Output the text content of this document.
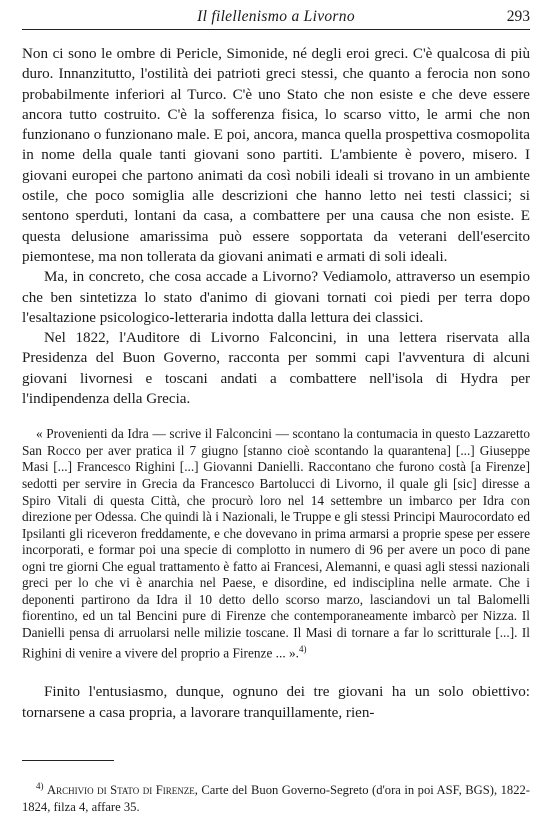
Il filellenismo a Livorno	293

Non ci sono le ombre di Pericle, Simonide, né degli eroi greci. C'è qualcosa di più duro. Innanzitutto, l'ostilità dei patrioti greci stessi, che quanto a ferocia non sono probabilmente inferiori al Turco. C'è uno Stato che non esiste e che deve essere ancora tutto costruito. C'è la sofferenza fisica, lo scarso vitto, le armi che non funzionano o funzionano male. E poi, ancora, manca quella prospettiva cosmopolita in nome della quale tanti giovani sono partiti. L'ambiente è povero, misero. I giovani europei che partono animati da così nobili ideali si trovano in un ambiente ostile, che poco somiglia alle descrizioni che hanno letto nei testi classici; si sentono sperduti, lontani da casa, a combattere per una causa che non esiste. E questa delusione amarissima può essere sopportata da veterani dell'esercito piemontese, ma non tollerata da giovani animati e armati di soli ideali.

Ma, in concreto, che cosa accade a Livorno? Vediamolo, attraverso un esempio che ben sintetizza lo stato d'animo di giovani tornati coi piedi per terra dopo l'esaltazione psicologico-letteraria indotta dalla lettura dei classici.

Nel 1822, l'Auditore di Livorno Falconcini, in una lettera riservata alla Presidenza del Buon Governo, racconta per sommi capi l'avventura di alcuni giovani livornesi e toscani andati a combattere nell'isola di Hydra per l'indipendenza della Grecia.

« Provenienti da Idra — scrive il Falconcini — scontano la contumacia in questo Lazzaretto San Rocco per aver pratica il 7 giugno [stanno cioè scontando la quarantena] [...] Giuseppe Masi [...] Francesco Righini [...] Giovanni Danielli. Raccontano che furono costà [a Firenze] sedotti per servire in Grecia da Francesco Bartolucci di Livorno, il quale gli [sic] diresse a Spiro Vitali di questa Città, che procurò loro nel 14 settembre un imbarco per Idra con direzione per Odessa. Che quindi là i Nazionali, le Truppe e gli stessi Principi Maurocordato ed Ipsilanti gli riceveron freddamente, e che dovevano in prima armarsi a proprie spese per essere incorporati, e formar poi una specie di complotto in numero di 96 per avere un poco di pane ogni tre giorni Che egual trattamento è fatto ai Francesi, Alemanni, e quasi agli stessi nazionali greci per lo che vi è anarchia nel Paese, e disordine, ed indisciplina nelle armate. Che i deponenti partirono da Idra il 10 detto dello scorso marzo, lasciandovi un tal Balomelli fiorentino, ed un tal Bencini pure di Firenze che contemporaneamente imbarcò per Nizza. Il Danielli pensa di arruolarsi nelle milizie toscane. Il Masi di tornare a far lo scritturale [...]. Il Righini di venire a vivere del proprio a Firenze ... ».$^{4)}$

Finito l'entusiasmo, dunque, ognuno dei tre giovani ha un solo obiettivo: tornarsene a casa propria, a lavorare tranquillamente, rien-

$^{4)}$ Archivio di Stato di Firenze, Carte del Buon Governo-Segreto (d'ora in poi ASF, BGS), 1822-1824, filza 4, affare 35.
